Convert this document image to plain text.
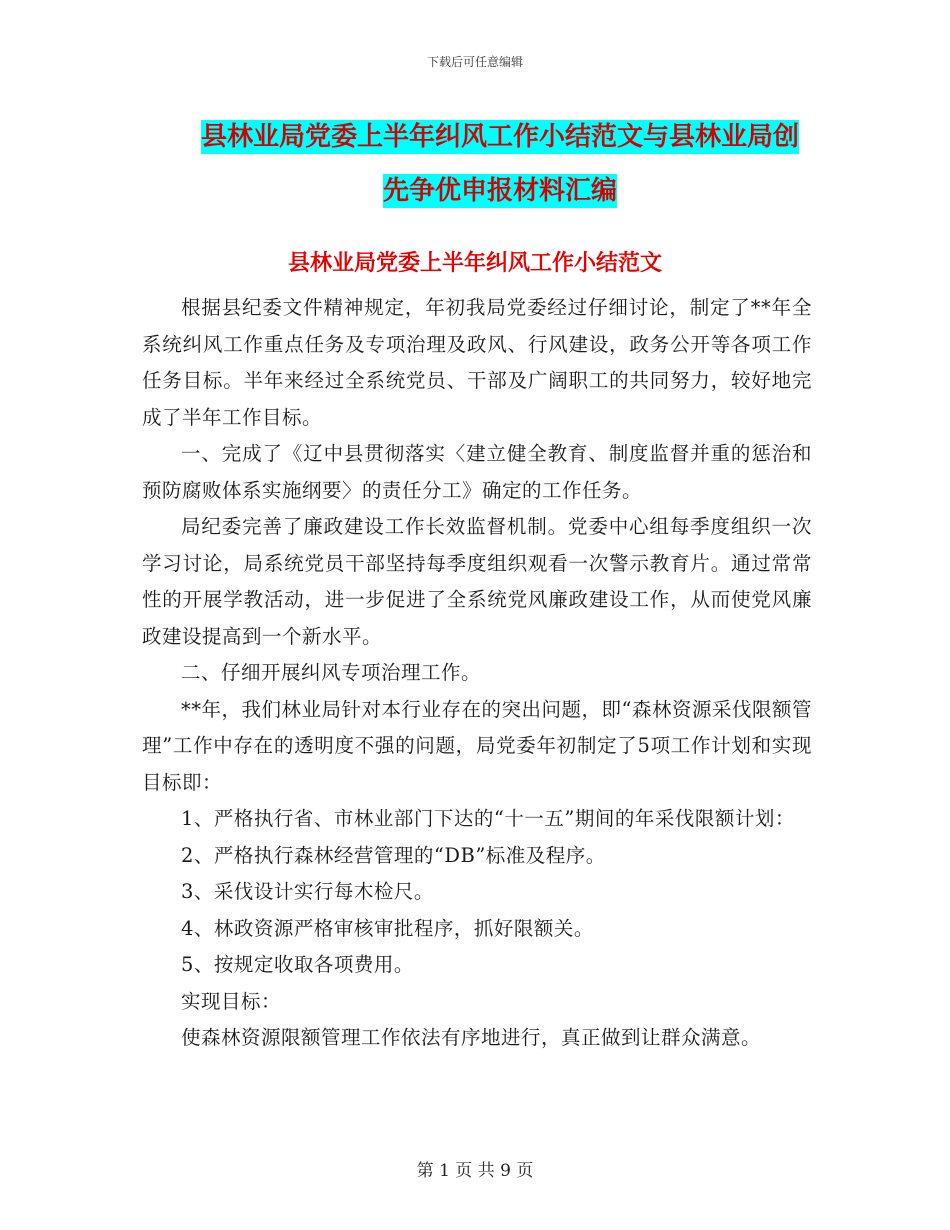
下载后可任意编辑
县林业局党委上半年纠风工作小结范文与县林业局创
先争优申报材料汇编
县林业局党委上半年纠风工作小结范文

根据县纪委文件精神规定，年初我局党委经过仔细讨论，制定了**年全系统纠风工作重点任务及专项治理及政风、行风建设，政务公开等各项工作任务目标。半年来经过全系统党员、干部及广阔职工的共同努力，较好地完成了半年工作目标。

一、完成了《辽中县贯彻落实〈建立健全教育、制度监督并重的惩治和预防腐败体系实施纲要〉的责任分工》确定的工作任务。

局纪委完善了廉政建设工作长效监督机制。党委中心组每季度组织一次学习讨论，局系统党员干部坚持每季度组织观看一次警示教育片。通过常常性的开展学教活动，进一步促进了全系统党风廉政建设工作，从而使党风廉政建设提高到一个新水平。

二、仔细开展纠风专项治理工作。

**年，我们林业局针对本行业存在的突出问题，即“森林资源采伐限额管理”工作中存在的透明度不强的问题，局党委年初制定了5项工作计划和实现目标即：

1、严格执行省、市林业部门下达的“十一五”期间的年采伐限额计划：

2、严格执行森林经营管理的“DB”标准及程序。

3、采伐设计实行每木检尺。

4、林政资源严格审核审批程序，抓好限额关。

5、按规定收取各项费用。

实现目标：

使森林资源限额管理工作依法有序地进行，真正做到让群众满意。

第 1 页 共 9 页
